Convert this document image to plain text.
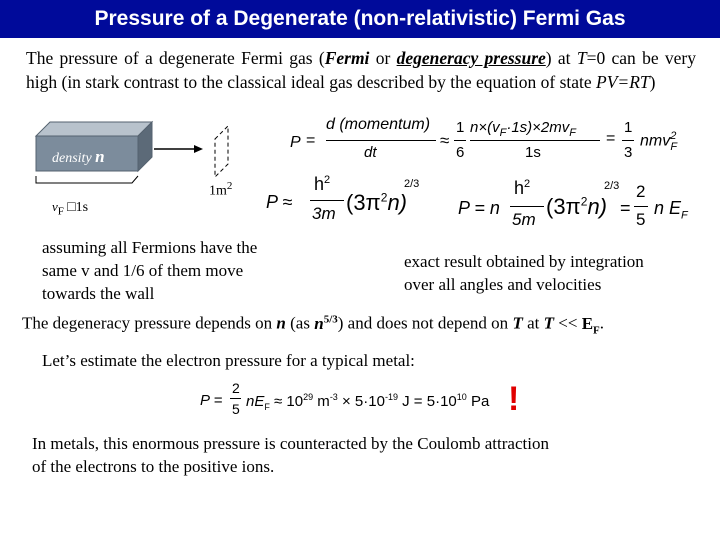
Pressure of a Degenerate (non-relativistic) Fermi Gas
The pressure of a degenerate Fermi gas (Fermi or degeneracy pressure) at T=0 can be very high (in stark contrast to the classical ideal gas described by the equation of state PV=RT)
density n
$v_F$ □1s
$1m^2$
P =
d (momentum)
dt
≈
1
6
$n\times(v_F\cdot 1s)\times 2mv_F$
1s
=
1
3
nmv$^2_F$
P ≈
$h^2$
3m $(3\pi^2n)$
2/3
P = n
$h^2$
5m
$(3\pi^2n)$
2/3
=
2
5
n $E_F$
assuming all Fermions have the
same v and 1/6 of them move
towards the wall
exact result obtained by integration
over all angles and velocities
The degeneracy pressure depends on n (as $n^{5/3}$) and does not depend on T at $T << E_F$.
Let’s estimate the electron pressure for a typical metal:
P =
2
5 $nE_F \approx 10^{29}$ $m^{-3} \times 5\cdot 10^{-19}$ $J = 5\cdot 10^{10}$ Pa !
In metals, this enormous pressure is counteracted by the Coulomb attraction
of the electrons to the positive ions.
